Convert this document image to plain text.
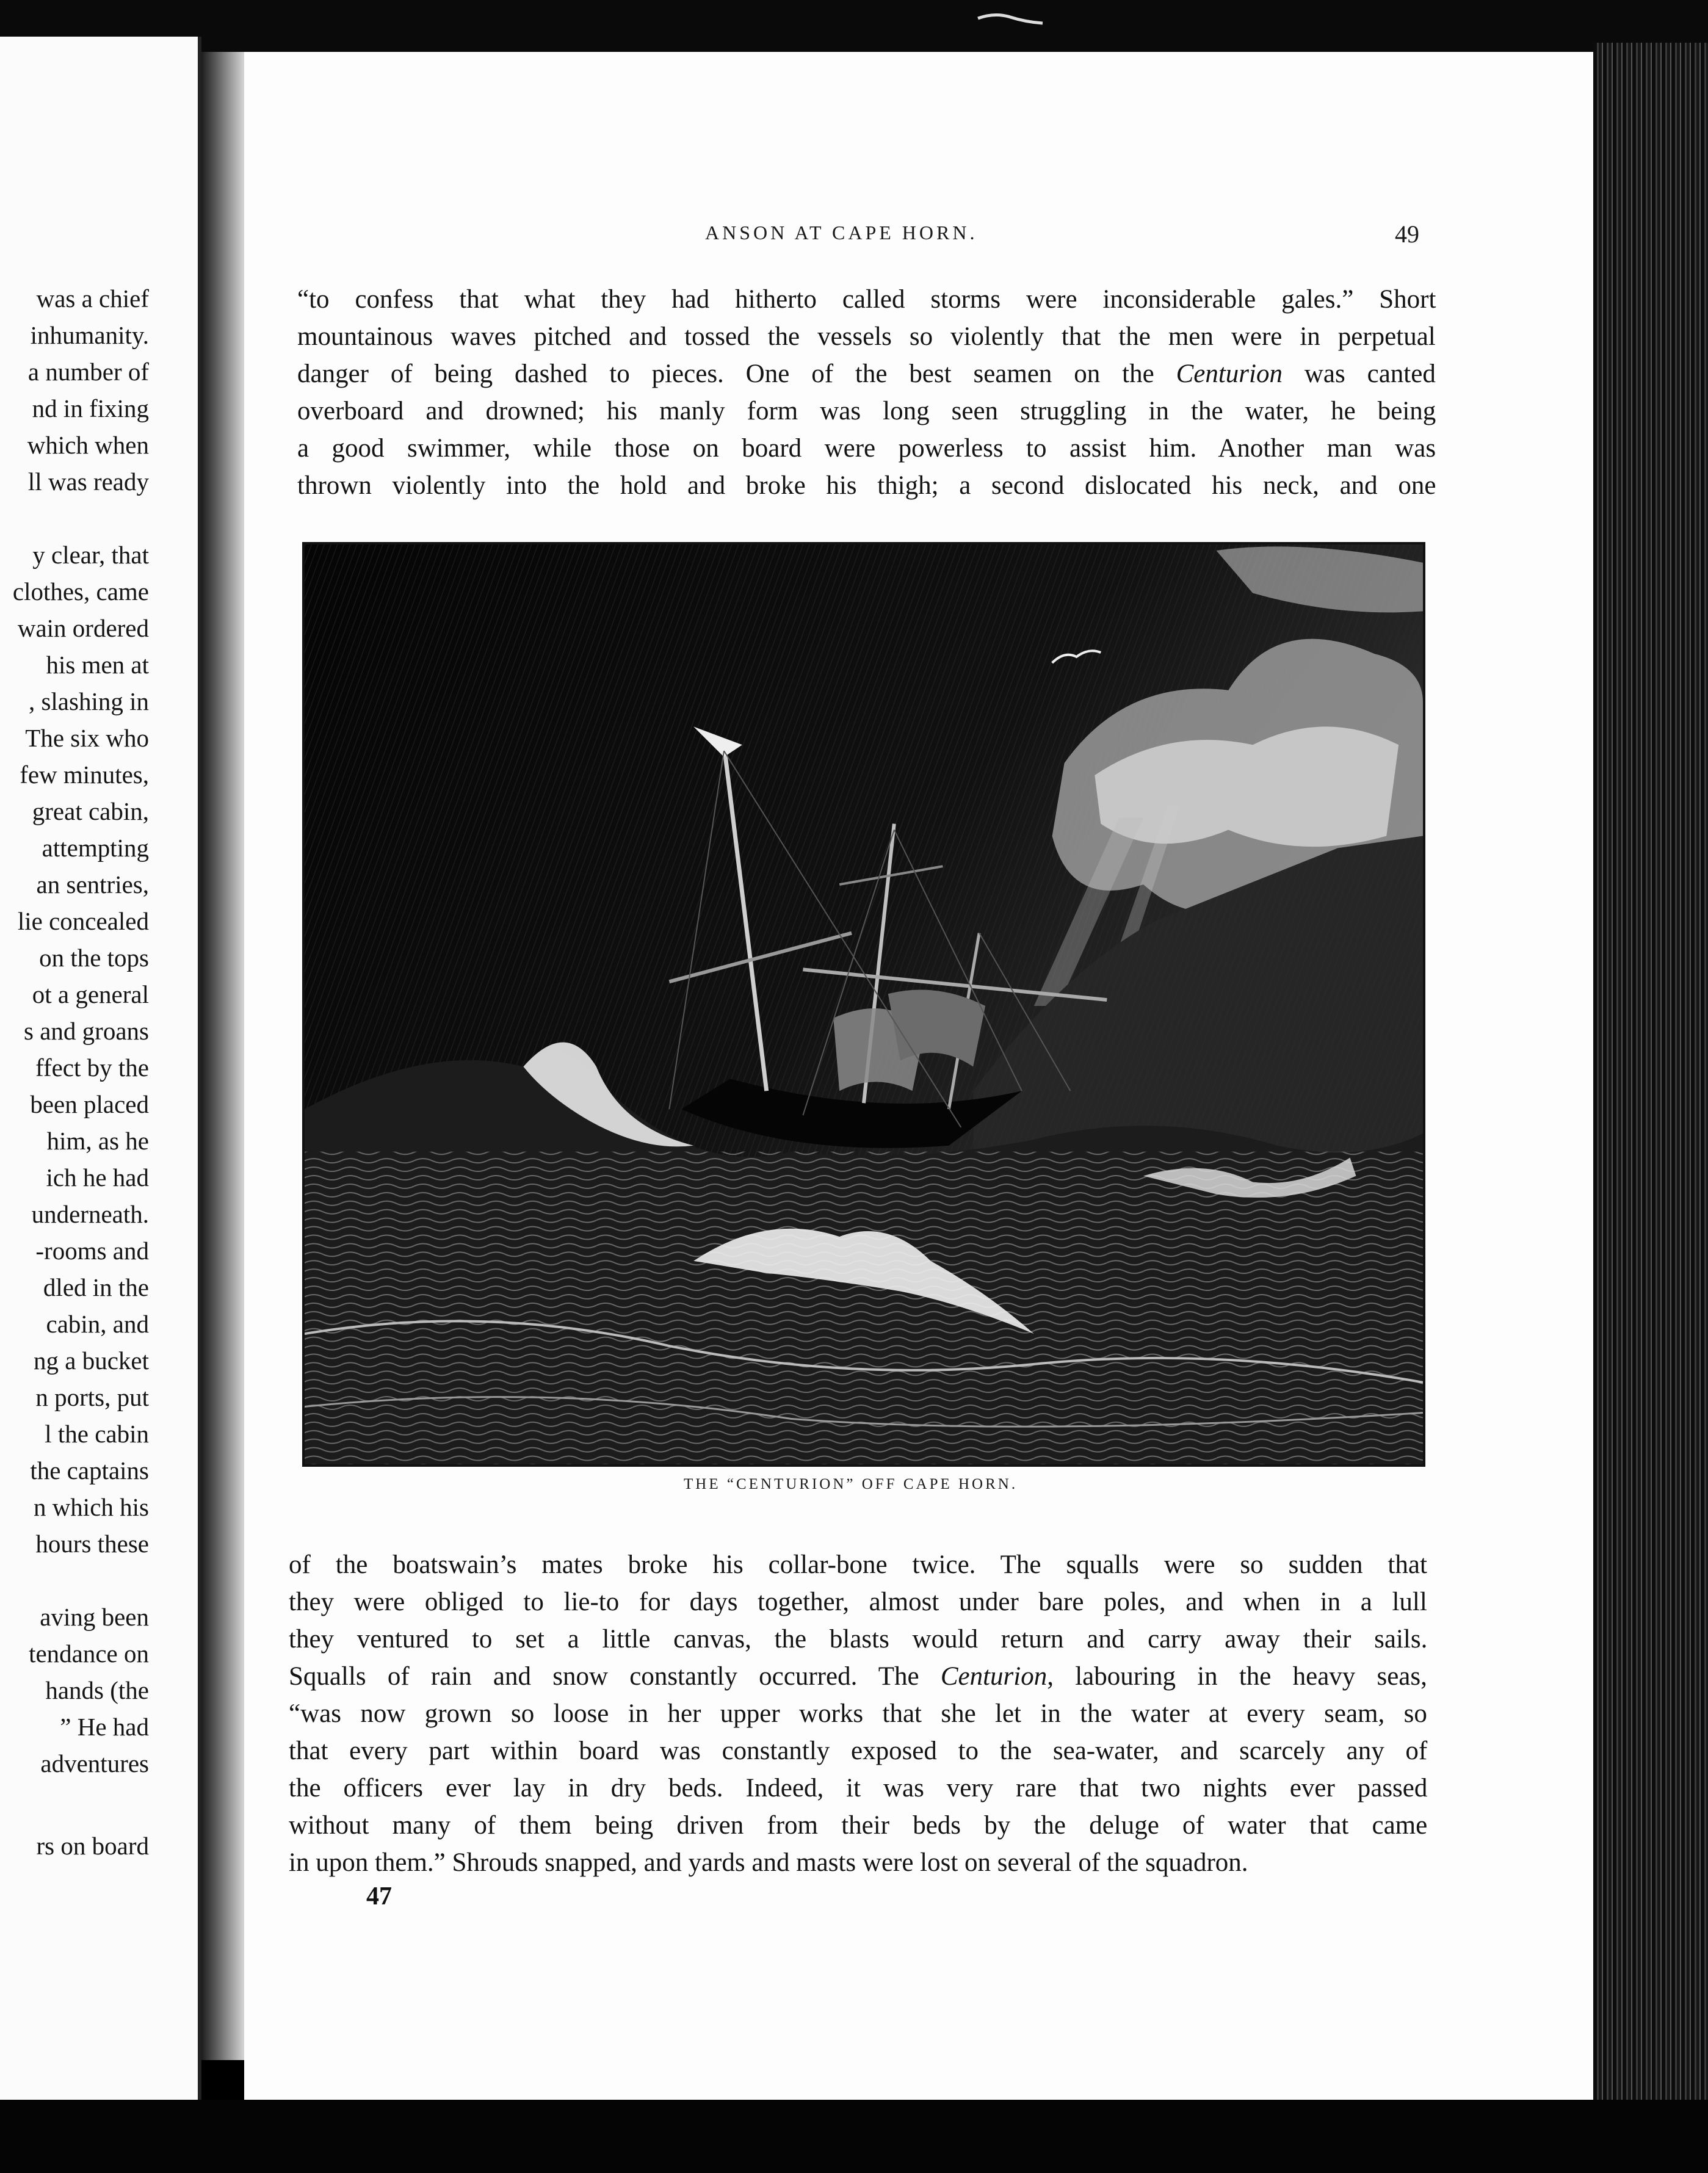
was a chief
inhumanity.
a number of
nd in fixing
which when
ll was ready
y clear, that
clothes, came
wain ordered
his men at
, slashing in
The six who
few minutes,
great cabin,
attempting
an sentries,
lie concealed
on the tops
ot a general
s and groans
ffect by the
been placed
him, as he
ich he had
underneath.
-rooms and
dled in the
cabin, and
ng a bucket
n ports, put
l the cabin
the captains
n which his
hours these
aving been
tendance on
hands (the
” He had
adventures
rs on board
ANSON AT CAPE HORN.	49
“to confess that what they had hitherto called storms were inconsiderable gales.” Short
mountainous waves pitched and tossed the vessels so violently that the men were in perpetual
danger of being dashed to pieces. One of the best seamen on the Centurion was canted
overboard and drowned; his manly form was long seen struggling in the water, he being
a good swimmer, while those on board were powerless to assist him. Another man was
thrown violently into the hold and broke his thigh; a second dislocated his neck, and one
THE “CENTURION” OFF CAPE HORN.
of the boatswain’s mates broke his collar-bone twice. The squalls were so sudden that
they were obliged to lie-to for days together, almost under bare poles, and when in a lull
they ventured to set a little canvas, the blasts would return and carry away their sails.
Squalls of rain and snow constantly occurred. The Centurion, labouring in the heavy seas,
“was now grown so loose in her upper works that she let in the water at every seam, so
that every part within board was constantly exposed to the sea-water, and scarcely any of
the officers ever lay in dry beds. Indeed, it was very rare that two nights ever passed
without many of them being driven from their beds by the deluge of water that came
in upon them.” Shrouds snapped, and yards and masts were lost on several of the squadron.
47
